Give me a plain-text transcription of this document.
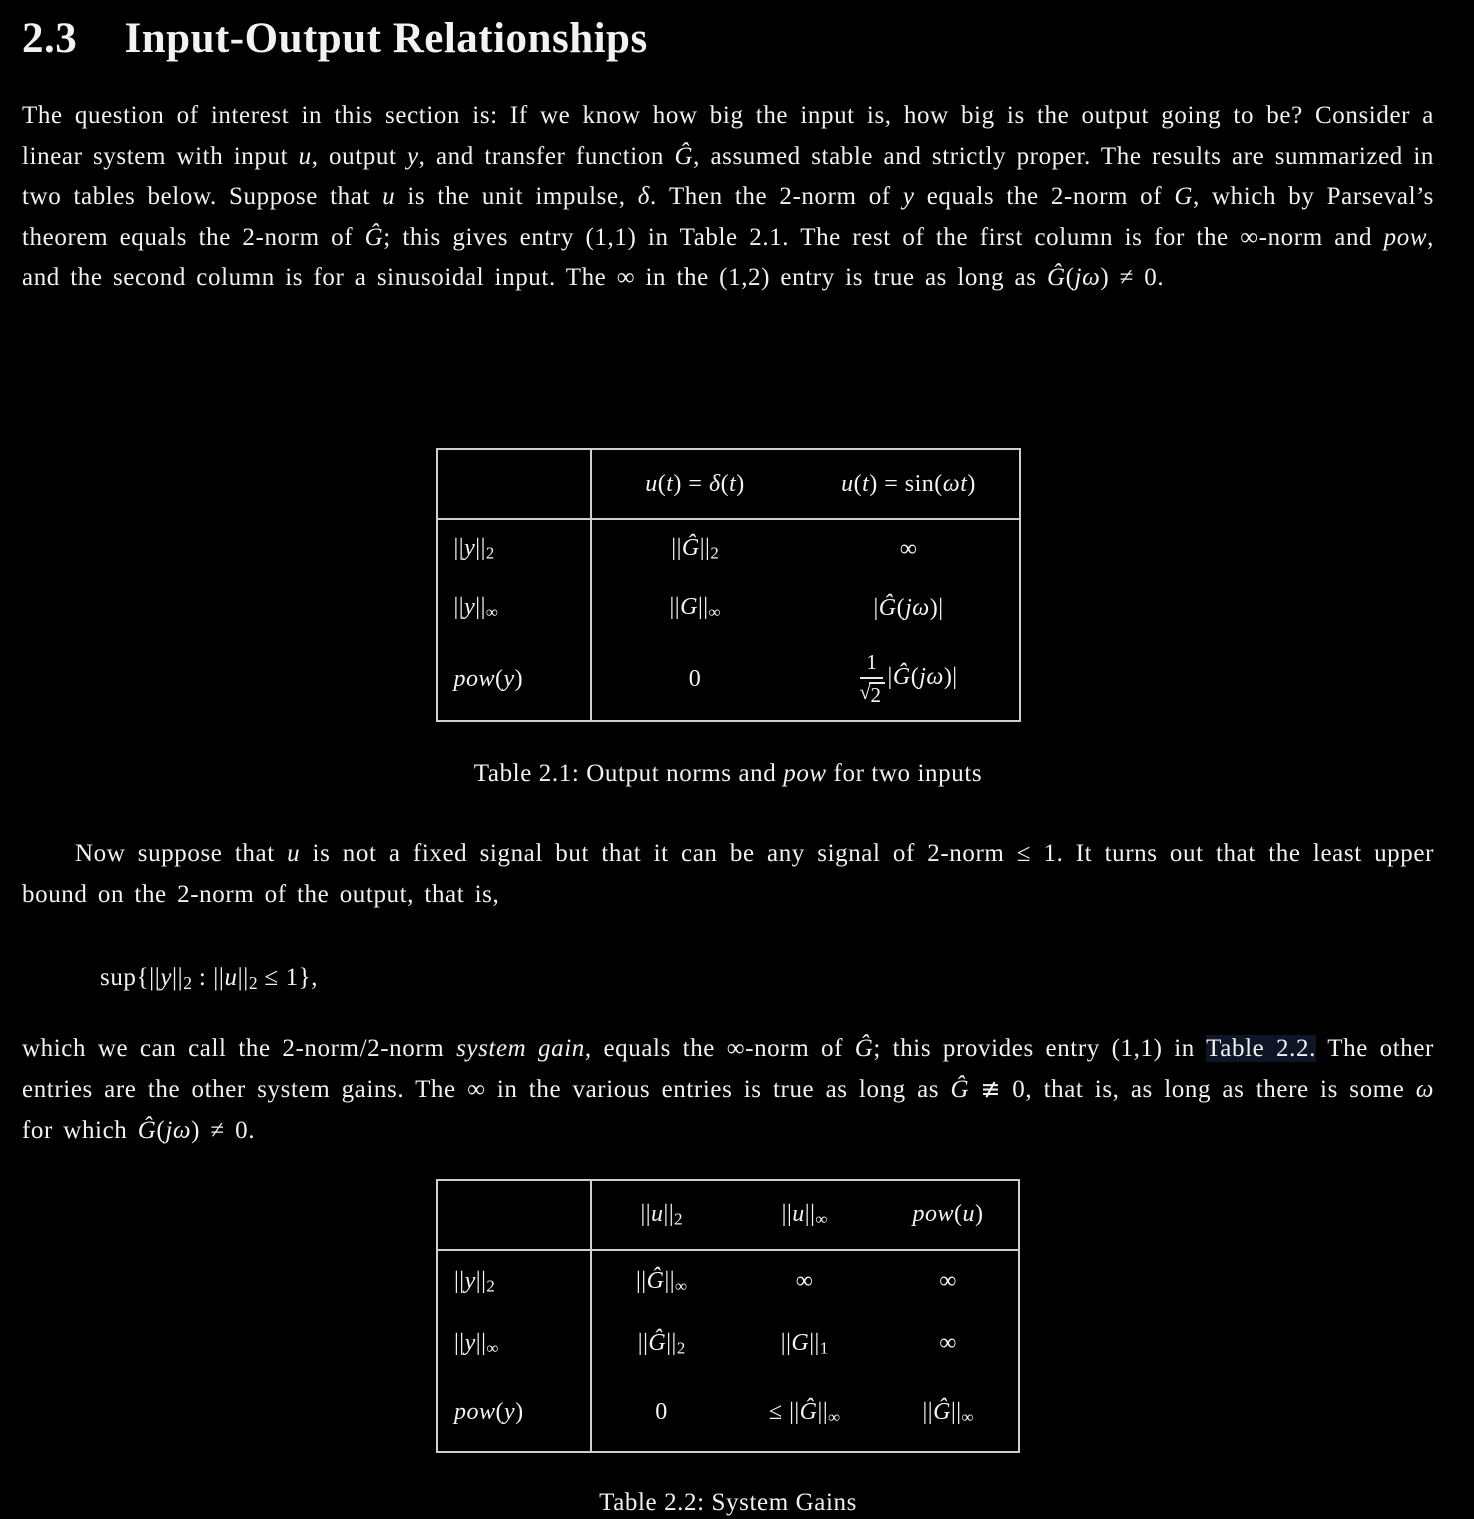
2.3 Input-Output Relationships

The question of interest in this section is: If we know how big the input is, how big is the output going to be? Consider a linear system with input u, output y, and transfer function Ĝ, assumed stable and strictly proper. The results are summarized in two tables below. Suppose that u is the unit impulse, δ. Then the 2-norm of y equals the 2-norm of G, which by Parseval’s theorem equals the 2-norm of Ĝ; this gives entry (1,1) in Table 2.1. The rest of the first column is for the ∞-norm and pow, and the second column is for a sinusoidal input. The ∞ in the (1,2) entry is true as long as Ĝ(jω) ≠ 0.

	u(t) = δ(t)	u(t) = sin(ωt)
||y||2	||Ĝ||2	∞
||y||∞	||G||∞	|Ĝ(jω)|
pow(y)	0	$\frac{1}{√ 2}$ |Ĝ(jω)|
Table 2.1: Output norms and pow for two inputs

Now suppose that u is not a fixed signal but that it can be any signal of 2-norm ≤ 1. It turns out that the least upper bound on the 2-norm of the output, that is,

sup{||y||2 : ||u||2 ≤ 1},

which we can call the 2-norm/2-norm system gain, equals the ∞-norm of Ĝ; this provides entry (1,1) in Table 2.2. The other entries are the other system gains. The ∞ in the various entries is true as long as Ĝ ≢ 0, that is, as long as there is some ω for which Ĝ(jω) ≠ 0.

	||u||2	||u||∞	pow(u)
||y||2	||Ĝ||∞	∞	∞
||y||∞	||Ĝ||2	||G||1	∞
pow(y)	0	≤ ||Ĝ||∞	||Ĝ||∞
Table 2.2: System Gains
